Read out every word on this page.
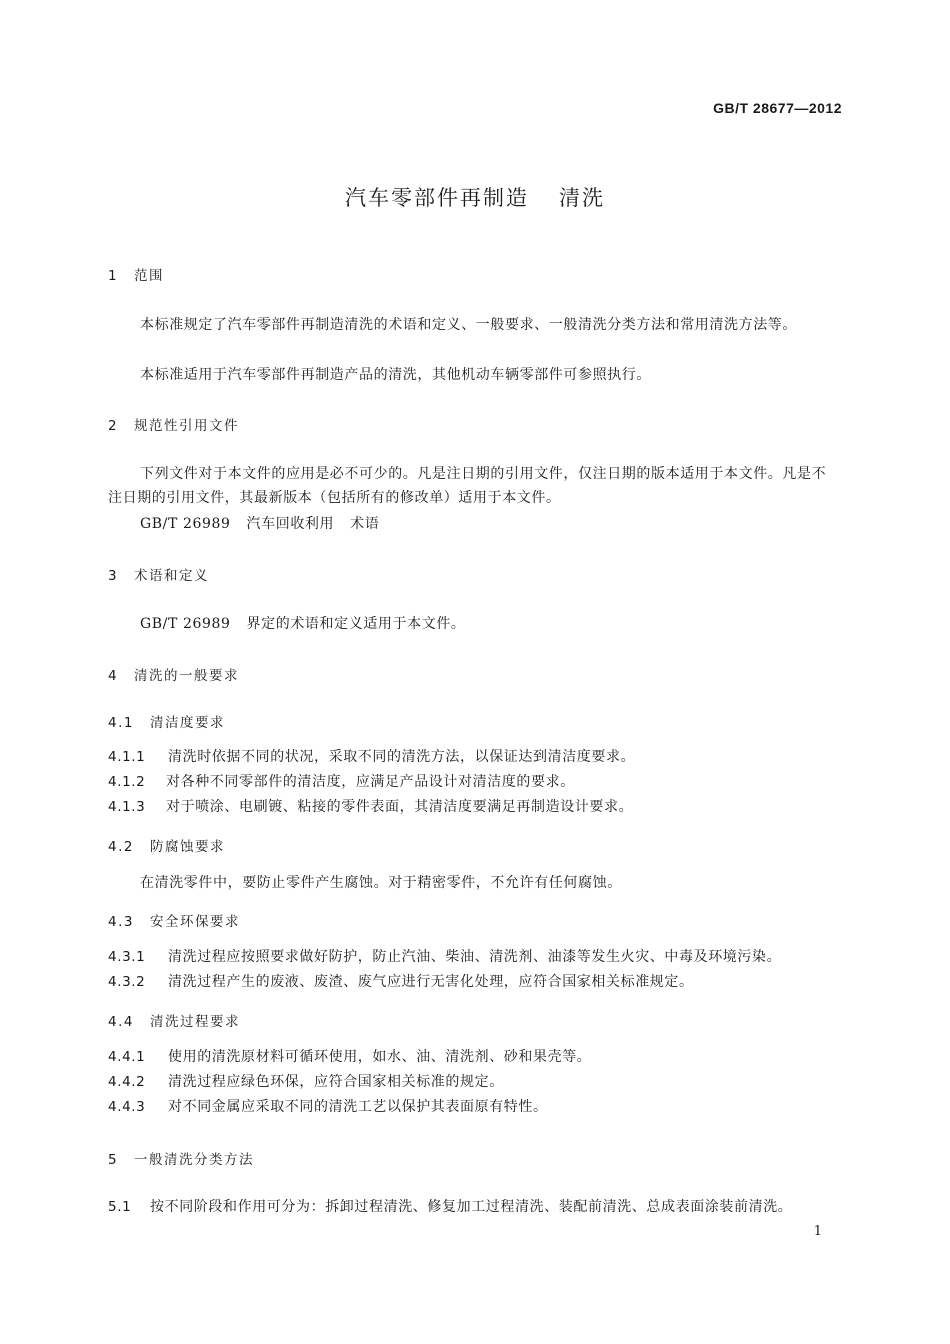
GB/T 28677—2012
汽车零部件再制造 清洗
1 范围
本标准规定了汽车零部件再制造清洗的术语和定义、一般要求、一般清洗分类方法和常用清洗方法等。
本标准适用于汽车零部件再制造产品的清洗，其他机动车辆零部件可参照执行。
2 规范性引用文件
下列文件对于本文件的应用是必不可少的。凡是注日期的引用文件，仅注日期的版本适用于本文件。凡是不注日期的引用文件，其最新版本（包括所有的修改单）适用于本文件。
GB/T 26989 汽车回收利用 术语
3 术语和定义
GB/T 26989 界定的术语和定义适用于本文件。
4 清洗的一般要求
4.1 清洁度要求
4.1.1 清洗时依据不同的状况，采取不同的清洗方法，以保证达到清洁度要求。
4.1.2 对各种不同零部件的清洁度，应满足产品设计对清洁度的要求。
4.1.3 对于喷涂、电刷镀、粘接的零件表面，其清洁度要满足再制造设计要求。
4.2 防腐蚀要求
在清洗零件中，要防止零件产生腐蚀。对于精密零件，不允许有任何腐蚀。
4.3 安全环保要求
4.3.1 清洗过程应按照要求做好防护，防止汽油、柴油、清洗剂、油漆等发生火灾、中毒及环境污染。
4.3.2 清洗过程产生的废液、废渣、废气应进行无害化处理，应符合国家相关标准规定。
4.4 清洗过程要求
4.4.1 使用的清洗原材料可循环使用，如水、油、清洗剂、砂和果壳等。
4.4.2 清洗过程应绿色环保，应符合国家相关标准的规定。
4.4.3 对不同金属应采取不同的清洗工艺以保护其表面原有特性。
5 一般清洗分类方法
5.1 按不同阶段和作用可分为：拆卸过程清洗、修复加工过程清洗、装配前清洗、总成表面涂装前清洗。
1
